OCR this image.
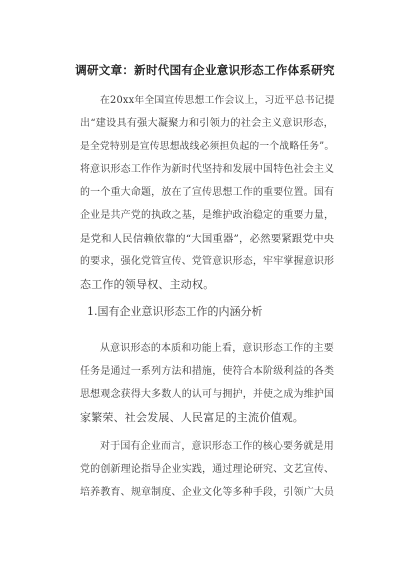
调研文章：新时代国有企业意识形态工作体系研究
在20xx年全国宣传思想工作会议上，习近平总书记提
出“建设具有强大凝聚力和引领力的社会主义意识形态，
是全党特别是宣传思想战线必须担负起的一个战略任务”。
将意识形态工作作为新时代坚持和发展中国特色社会主义
的一个重大命题，放在了宣传思想工作的重要位置。国有
企业是共产党的执政之基，是维护政治稳定的重要力量，
是党和人民信赖依靠的“大国重器”，必然要紧跟党中央
的要求，强化党管宣传、党管意识形态，牢牢掌握意识形
态工作的领导权、主动权。
1.国有企业意识形态工作的内涵分析
从意识形态的本质和功能上看，意识形态工作的主要
任务是通过一系列方法和措施，使符合本阶级利益的各类
思想观念获得大多数人的认可与拥护，并使之成为维护国
家繁荣、社会发展、人民富足的主流价值观。
对于国有企业而言，意识形态工作的核心要务就是用
党的创新理论指导企业实践，通过理论研究、文艺宣传、
培养教育、规章制度、企业文化等多种手段，引领广大员
